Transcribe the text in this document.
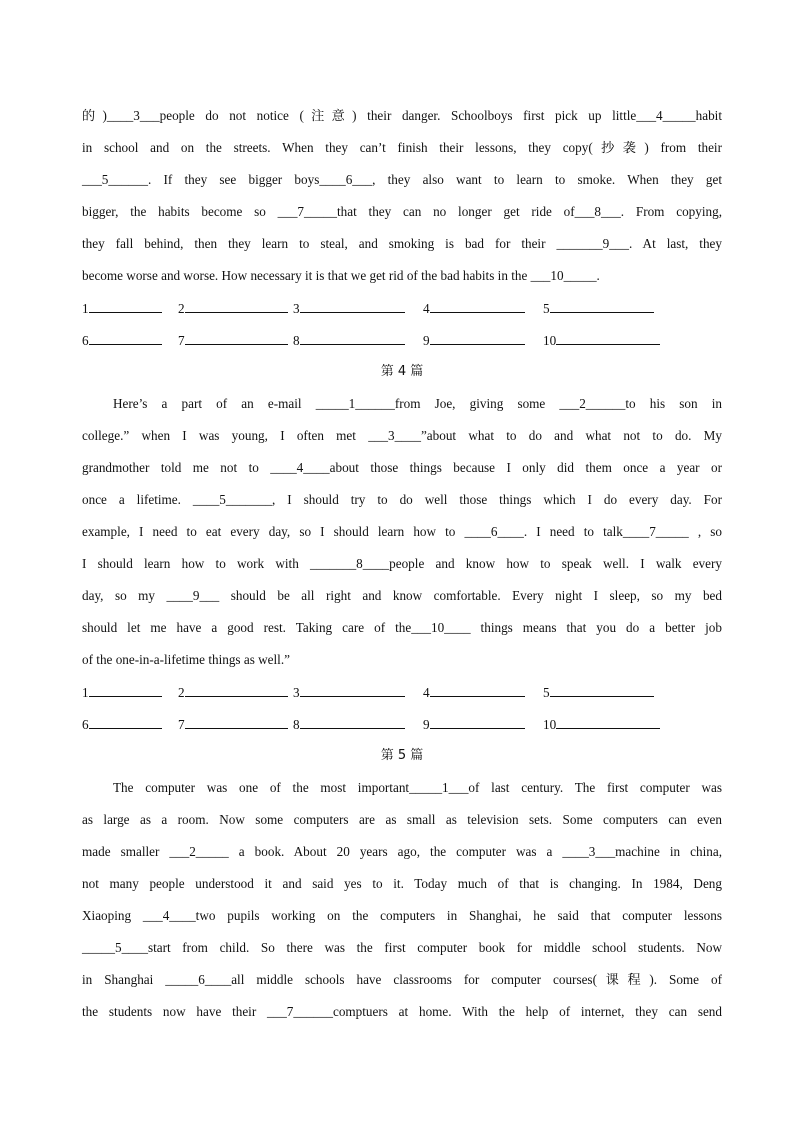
的)____3___people do not notice (注意) their danger. Schoolboys first pick up little___4_____habit
in school and on the streets. When they can’t finish their lessons, they copy(抄袭) from their
___5______. If they see bigger boys____6___, they also want to learn to smoke. When they get
bigger, the habits become so ___7_____that they can no longer get ride of___8___. From copying,
they fall behind, then they learn to steal, and smoking is bad for their _______9___. At last, they
become worse and worse. How necessary it is that we get rid of the bad habits in the ___10_____.
1	2	3	4	5
6	7	8	9	10
第 4 篇
Here’s a part of an e-mail _____1______from Joe, giving some ___2______to his son in
college.” when I was young, I often met ___3____”about what to do and what not to do. My
grandmother told me not to ____4____about those things because I only did them once a year or
once a lifetime. ____5_______, I should try to do well those things which I do every day. For
example, I need to eat every day, so I should learn how to ____6____. I need to talk____7_____ , so
I should learn how to work with _______8____people and know how to speak well. I walk every
day, so my ____9___ should be all right and know comfortable. Every night I sleep, so my bed
should let me have a good rest. Taking care of the___10____ things means that you do a better job
of the one-in-a-lifetime things as well.”
1	2	3	4	5
6	7	8	9	10
第 5 篇
The computer was one of the most important_____1___of last century. The first computer was
as large as a room. Now some computers are as small as television sets. Some computers can even
made smaller ___2_____ a book. About 20 years ago, the computer was a ____3___machine in china,
not many people understood it and said yes to it. Today much of that is changing. In 1984, Deng
Xiaoping ___4____two pupils working on the computers in Shanghai, he said that computer lessons
_____5____start from child. So there was the first computer book for middle school students. Now
in Shanghai _____6____all middle schools have classrooms for computer courses(课程). Some of
the students now have their ___7______comptuers at home. With the help of internet, they can send
